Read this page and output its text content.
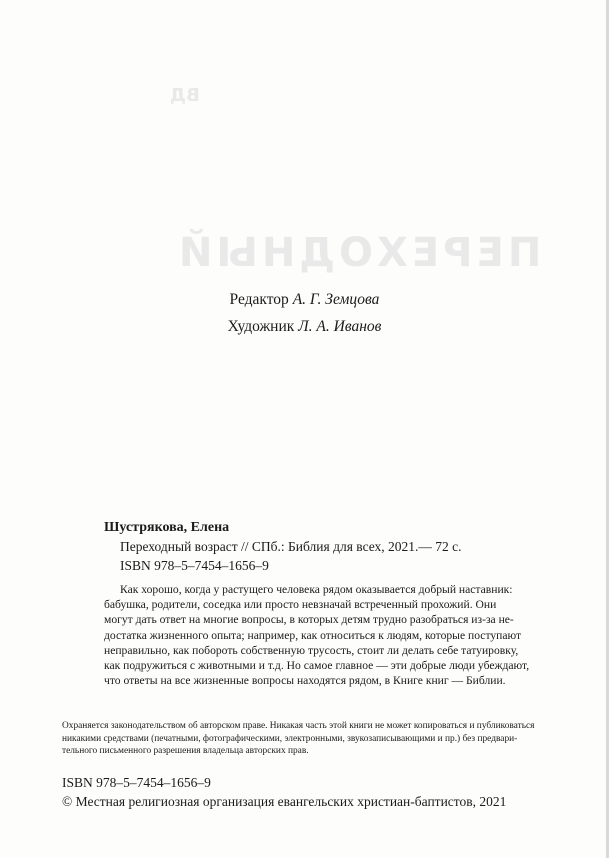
ВД
ПЕРЕХОДНЫЙ
Редактор А. Г. Земцова
Художник Л. А. Иванов
Шустрякова, Елена
Переходный возраст // СПб.: Библия для всех, 2021.— 72 с.
ISBN 978–5–7454–1656–9
Как хорошо, когда у растущего человека рядом оказывается добрый наставник:
бабушка, родители, соседка или просто невзначай встреченный прохожий. Они
могут дать ответ на многие вопросы, в которых детям трудно разобраться из-за не-
достатка жизненного опыта; например, как относиться к людям, которые поступают
неправильно, как побороть собственную трусость, стоит ли делать себе татуировку,
как подружиться с животными и т.д. Но самое главное — эти добрые люди убеждают,
что ответы на все жизненные вопросы находятся рядом, в Книге книг — Библии.
Охраняется законодательством об авторском праве. Никакая часть этой книги не может копироваться и публиковаться
никакими средствами (печатными, фотографическими, электронными, звукозаписывающими и пр.) без предвари-
тельного письменного разрешения владельца авторских прав.
ISBN 978–5–7454–1656–9
© Местная религиозная организация евангельских христиан-баптистов, 2021
